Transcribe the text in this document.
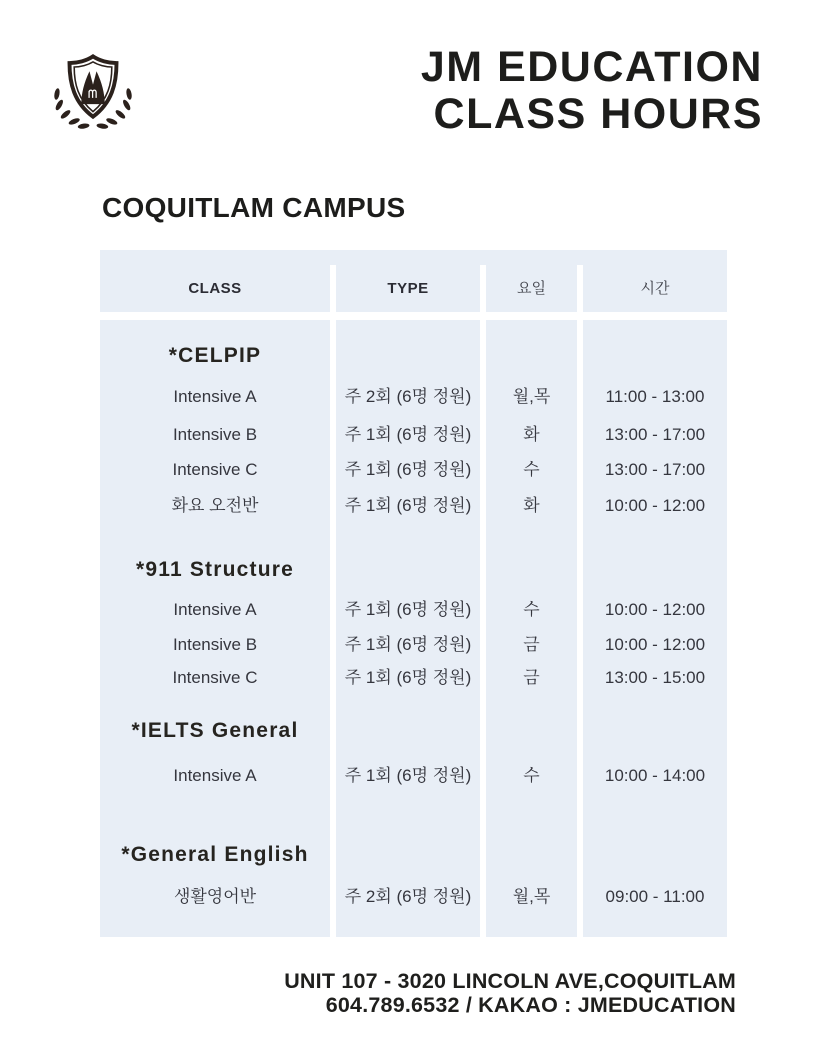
JM EDUCATION
CLASS HOURS
COQUITLAM CAMPUS
CLASS	TYPE	요일	시간
*CELPIP
Intensive A	주 2회 (6명 정원)	월,목	11:00 - 13:00
Intensive B	주 1회 (6명 정원)	화	13:00 - 17:00
Intensive C	주 1회 (6명 정원)	수	13:00 - 17:00
화요 오전반	주 1회 (6명 정원)	화	10:00 - 12:00
*911 Structure
Intensive A	주 1회 (6명 정원)	수	10:00 - 12:00
Intensive B	주 1회 (6명 정원)	금	10:00 - 12:00
Intensive C	주 1회 (6명 정원)	금	13:00 - 15:00
*IELTS General
Intensive A	주 1회 (6명 정원)	수	10:00 - 14:00
*General English
생활영어반	주 2회 (6명 정원)	월,목	09:00 - 11:00
UNIT 107 - 3020 LINCOLN AVE,COQUITLAM
604.789.6532 / KAKAO : JMEDUCATION
